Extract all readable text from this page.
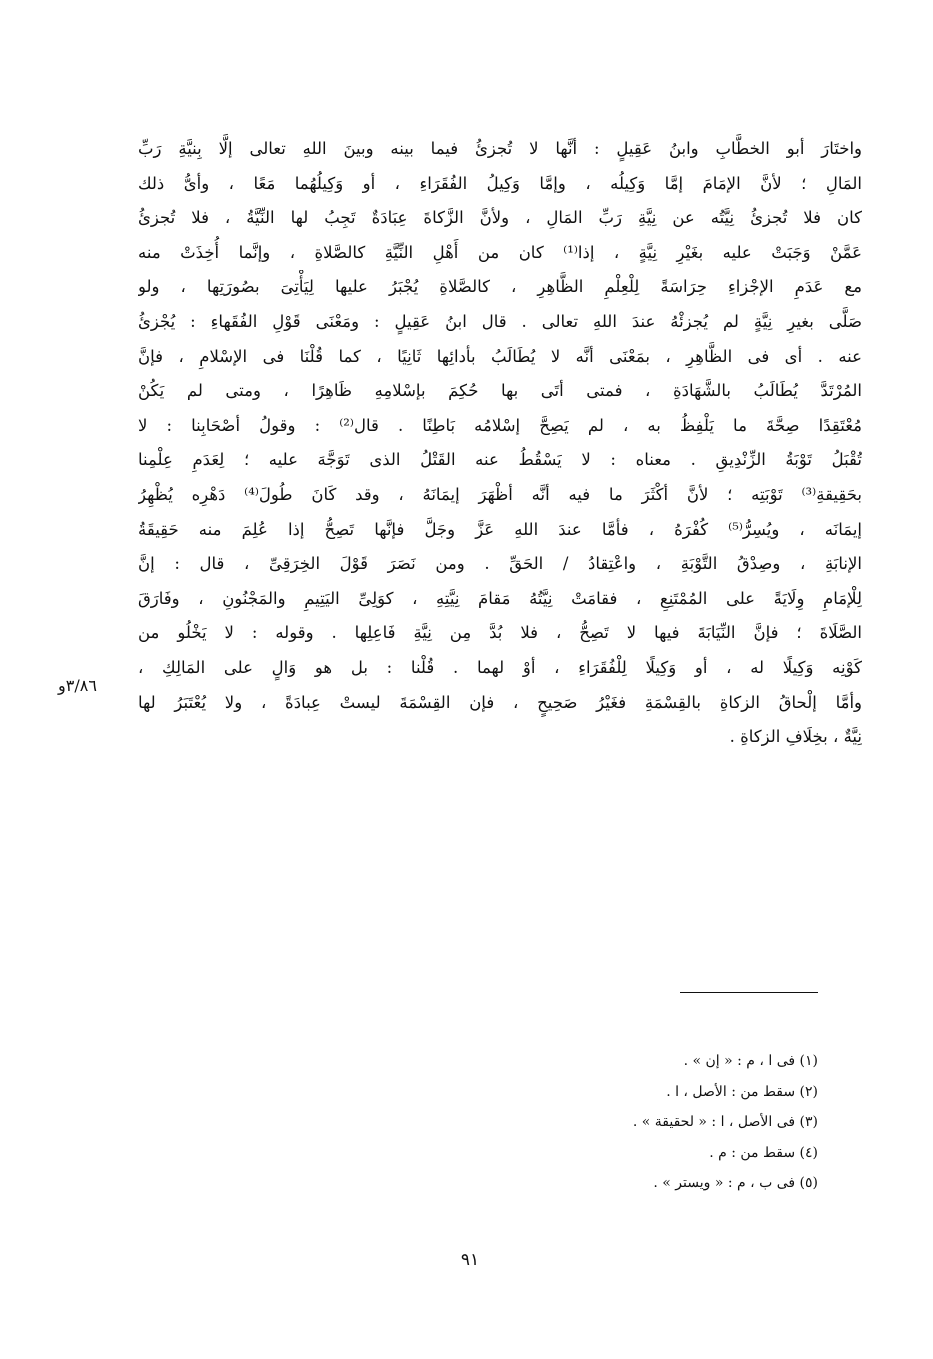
واختَارَ أبو الخطَّابِ وابنُ عَقِيلٍ : أنَّها لا تُجزئُ فيما بينه وبينَ اللهِ تعالى إلَّا بِنيَّةِ رَبِّ
المَالِ ؛ لأنَّ الإمَامَ إمَّا وَكِيلُه ، وإمَّا وَكِيلُ الفُقَرَاءِ ، أو وَكِيلُهُما مَعًا ، وأىُّ ذلك
كان فلا تُجزئُ نِيَّتُه عن نِيَّةِ رَبِّ المَالِ ، ولأنَّ الزَّكاةَ عِبَادَةٌ تَجِبُ لها النِّيَّةُ ، فلا تُجزئُ
عَمَّنْ وَجَبَتْ عليه بغَيْرِ نِيَّةٍ ، إذا⁽¹⁾ كان من أَهْلِ النِّيَّةِ كالصَّلاةِ ، وإنَّما أُخِذَتْ منه
مع عَدَمِ الإجْزاءِ حِرَاسَةً لِلْعِلْمِ الظَّاهِرِ ، كالصَّلاةِ يُجْبَرُ عليها لِيَأْتِىَ بصُورَتِها ، ولو
صَلَّى بغيرِ نِيَّةٍ لم يُجزئْهُ عندَ اللهِ تعالى . قال ابنُ عَقِيلٍ : ومَعْنَى قَوْلِ الفُقَهاءِ : يُجْزئُ
عنه . أى فى الظَّاهِرِ ، بمَعْنَى أنَّه لا يُطَالَبُ بأدائِها ثَانِيًا ، كما قُلْنَا فى الإسْلامِ ، فإنَّ
المُرْتَدَّ يُطَالَبُ بالشَّهَادَةِ ، فمتى أتَى بها حُكِمَ بإسْلامِهِ ظَاهِرًا ، ومتى لم يَكُنْ
مُعْتَقِدًا صِحَّةَ ما يَلْفِظُ به ، لم يَصِحَّ إسْلامُه بَاطِنًا . قال⁽²⁾ : وقولُ أصْحَابِنا : لا
تُقْبَلُ تَوْبَةُ الزِّنْدِيقِ . معناه : لا يَسْقُطُ عنه القَتْلُ الذى تَوَجَّهَ عليه ؛ لِعَدَمِ عِلْمِنا
بحَقِيقةِ⁽³⁾ تَوْبَتِه ؛ لأنَّ أكْثَرَ ما فيه أنَّه أظْهَرَ إيمَانَهُ ، وقد كَانَ طُولَ⁽⁴⁾ دَهْرِه يُظْهِرُ
إيمَانَه ، ويُسِرُّ⁽⁵⁾ كُفْرَهُ ، فأمَّا عندَ اللهِ عَزَّ وجَلَّ فإنَّها تَصِحُّ إذا عُلِمَ منه حَقِيقَةُ
الإنابَةِ ، وصِدْقُ التَّوْبَةِ ، واعْتِقادُ / الحَقِّ . ومن نَصَرَ قَوْلَ الخِرَقِىِّ ، قال : إنَّ
لِلْإمَامِ وِلَايَةً على المُمْتَنِعِ ، فقامَتْ نِيَّتُهُ مَقامَ نِيَّتِهِ ، كوَلِىِّ اليَتِيمِ والمَجْنُونِ ، وفَارَقَ
الصَّلَاةَ ؛ فإنَّ النِّيَابَةَ فيها لا تَصِحُّ ، فلا بُدَّ مِن نِيَّةِ فَاعِلِها . وقوله : لا يَخْلُو من
كَوْنِه وَكِيلًا له ، أو وَكِيلًا لِلْفُقَرَاءِ ، أوْ لهما . قُلْنا : بل هو وَالٍ على المَالِكِ ،
وأمَّا إلْحاقُ الزكاةِ بالقِسْمَةِ فغَيْرُ صَحِيحٍ ، فإن القِسْمَةَ ليستْ عِبادَةً ، ولا يُعْتَبَرُ لها
نِيَّةٌ ، بخِلَافِ الزكاةِ .
٣/٨٦و
(١) فى ا ، م : « إن » .
(٢) سقط من : الأصل ، ا .
(٣) فى الأصل ، ا : « لحقيقة » .
(٤) سقط من : م .
(٥) فى ب ، م : « ويستر » .
٩١
